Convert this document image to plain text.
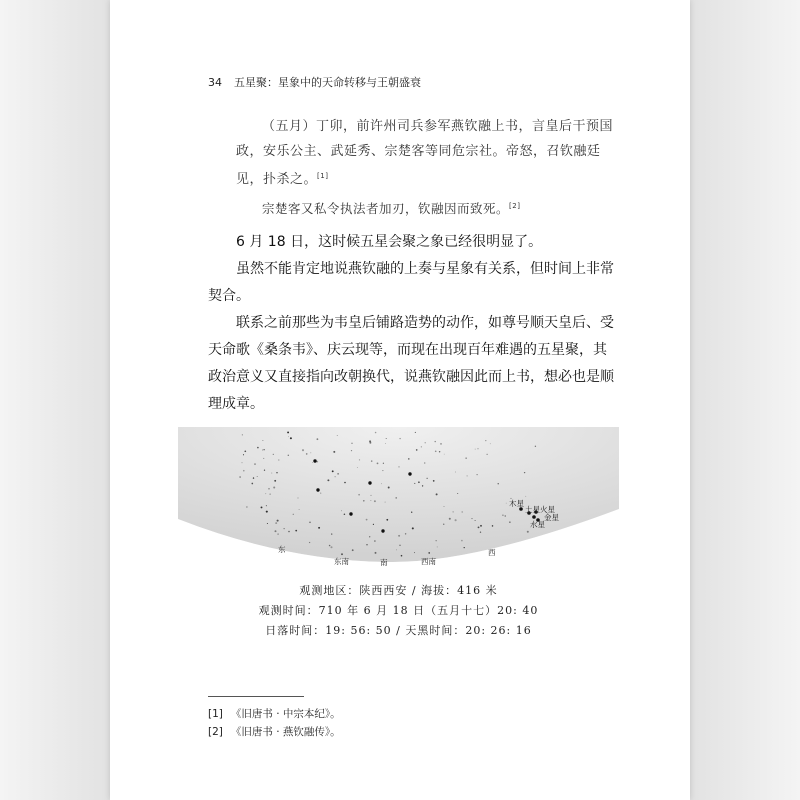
34 五星聚：星象中的天命转移与王朝盛衰
（五月）丁卯，前许州司兵参军燕钦融上书，言皇后干预国政，安乐公主、武延秀、宗楚客等同危宗社。帝怒，召钦融廷见，扑杀之。[1]
宗楚客又私令执法者加刃，钦融因而致死。[2]

6 月 18 日，这时候五星会聚之象已经很明显了。

虽然不能肯定地说燕钦融的上奏与星象有关系，但时间上非常契合。

联系之前那些为韦皇后铺路造势的动作，如尊号顺天皇后、受天命歌《桑条韦》、庆云现等，而现在出现百年难遇的五星聚，其政治意义又直接指向改朝换代，说燕钦融因此而上书，想必也是顺理成章。

木星
土星 火星
金星
水星
东
东南	南	西南
西
观测地区：陕西西安 / 海拔：416 米
观测时间：710 年 6 月 18 日（五月十七）20: 40
日落时间：19: 56: 50 / 天黑时间：20: 26: 16
[1] 《旧唐书 · 中宗本纪》。
[2] 《旧唐书 · 燕钦融传》。
